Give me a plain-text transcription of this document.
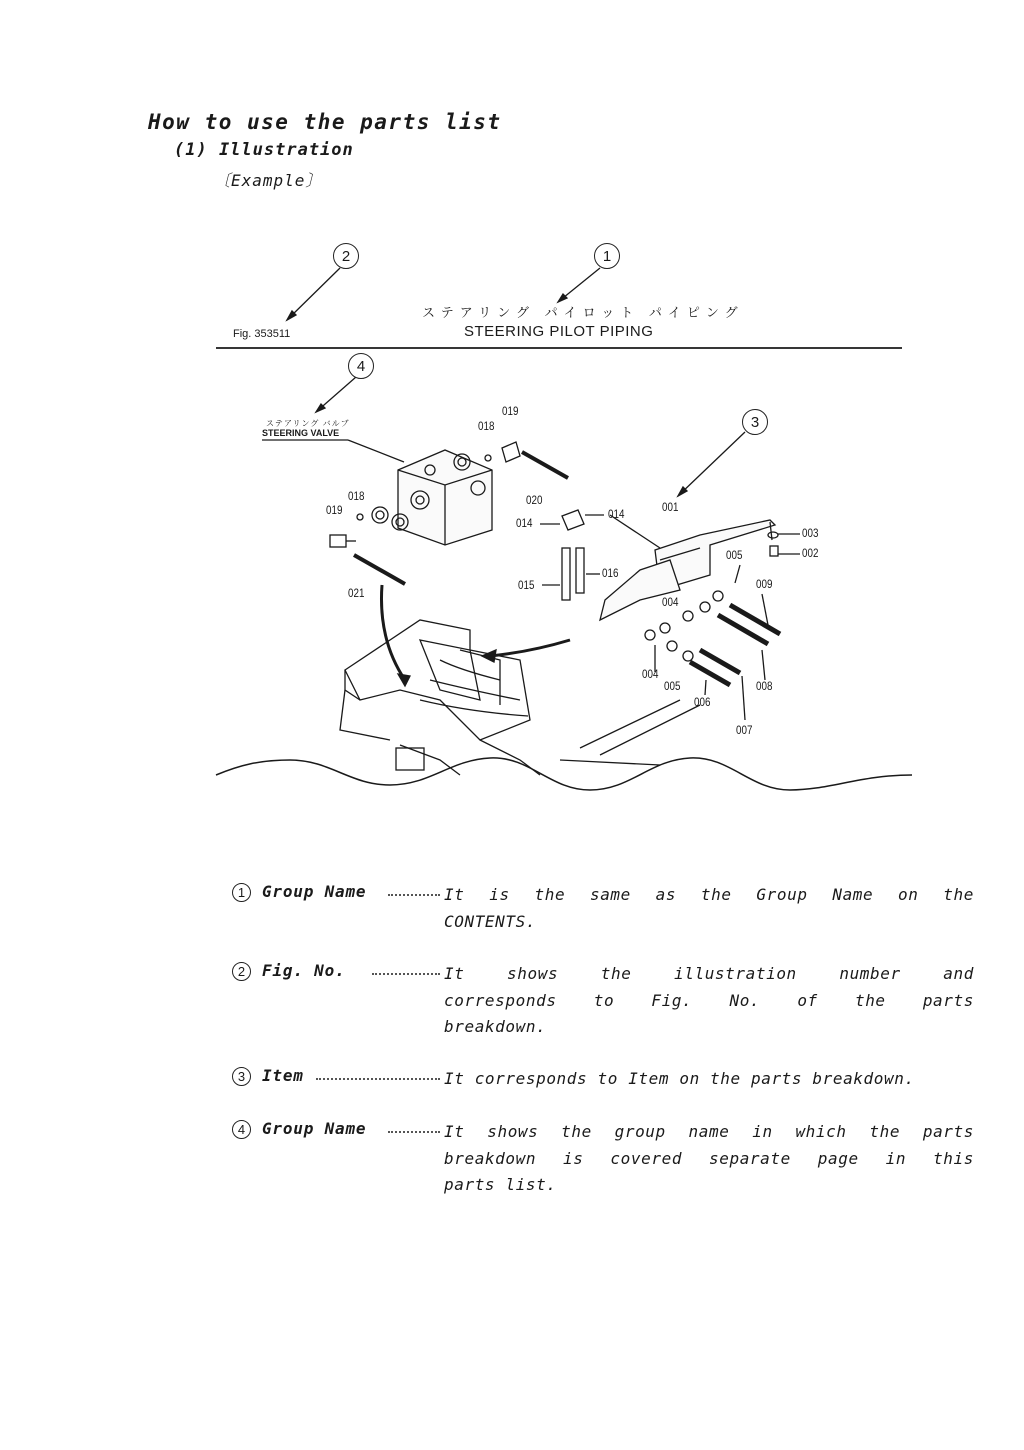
How to use the parts list
(1) Illustration
〔Example〕
Fig. 353511
ステアリング パイロット パイピング
STEERING PILOT PIPING
2	1
4
3
ステアリング バルブ
STEERING VALVE
001
002
003
004
004
005
005
006
007
008
009
014
014
015
016
018
018
019
019
020
021
1	Group Name	It is the same as the Group Name on the
CONTENTS.
2	Fig. No.	It shows the illustration number and
corresponds to Fig. No. of the parts
breakdown.
3	Item	It corresponds to Item on the parts breakdown.
4	Group Name	It shows the group name in which the parts
breakdown is covered separate page in this
parts list.
